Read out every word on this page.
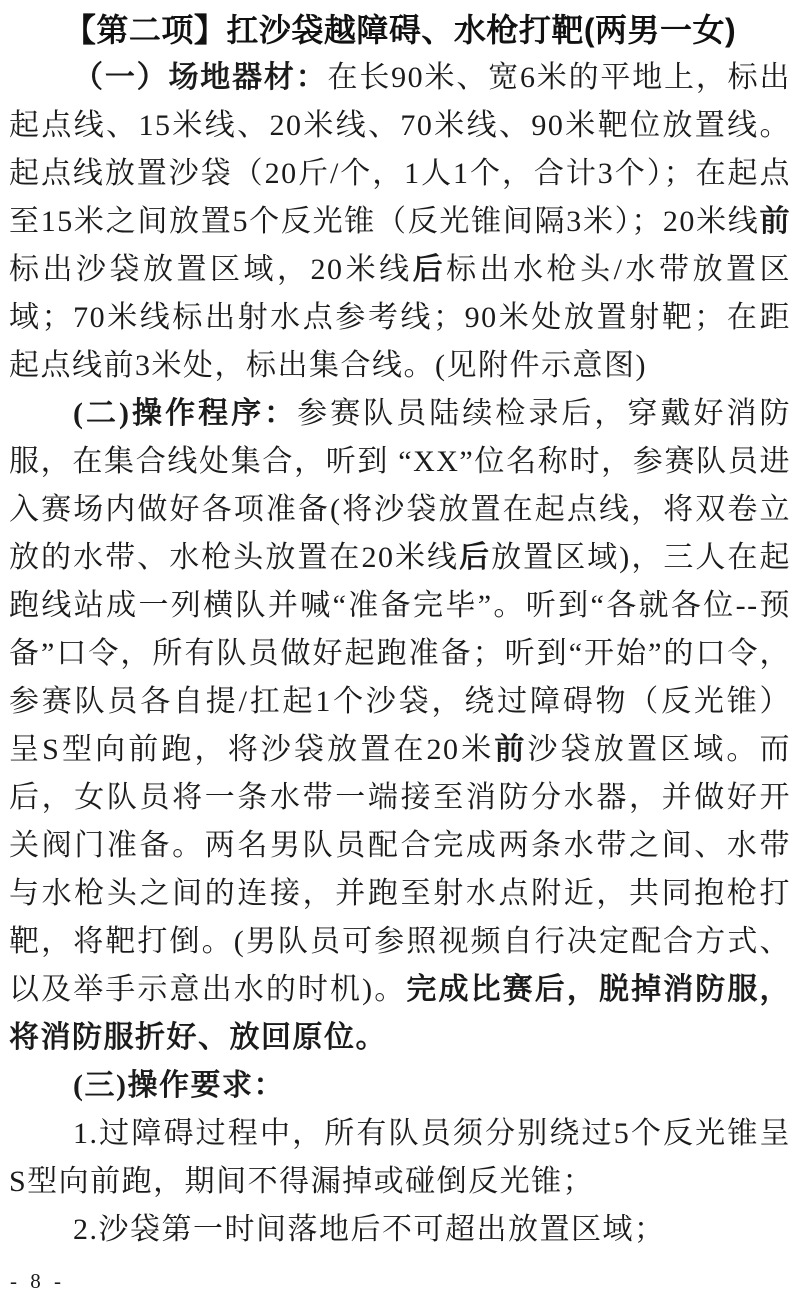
【第二项】扛沙袋越障碍、水枪打靶(两男一女)

（一）场地器材：在长90米、宽6米的平地上，标出起点线、15米线、20米线、70米线、90米靶位放置线。起点线放置沙袋（20斤/个，1人1个，合计3个）；在起点至15米之间放置5个反光锥（反光锥间隔3米）；20米线前标出沙袋放置区域，20米线后标出水枪头/水带放置区域；70米线标出射水点参考线；90米处放置射靶；在距起点线前3米处，标出集合线。(见附件示意图)

(二)操作程序：参赛队员陆续检录后，穿戴好消防服，在集合线处集合，听到 “XX”位名称时，参赛队员进入赛场内做好各项准备(将沙袋放置在起点线，将双卷立放的水带、水枪头放置在20米线后放置区域)，三人在起跑线站成一列横队并喊“准备完毕”。听到“各就各位--预备”口令，所有队员做好起跑准备；听到“开始”的口令，参赛队员各自提/扛起1个沙袋，绕过障碍物（反光锥）呈S型向前跑，将沙袋放置在20米前沙袋放置区域。而后，女队员将一条水带一端接至消防分水器，并做好开关阀门准备。两名男队员配合完成两条水带之间、水带与水枪头之间的连接，并跑至射水点附近，共同抱枪打靶，将靶打倒。(男队员可参照视频自行决定配合方式、以及举手示意出水的时机)。完成比赛后，脱掉消防服，将消防服折好、放回原位。

(三)操作要求：

1.过障碍过程中，所有队员须分别绕过5个反光锥呈S型向前跑，期间不得漏掉或碰倒反光锥；

2.沙袋第一时间落地后不可超出放置区域；

- 8 -
